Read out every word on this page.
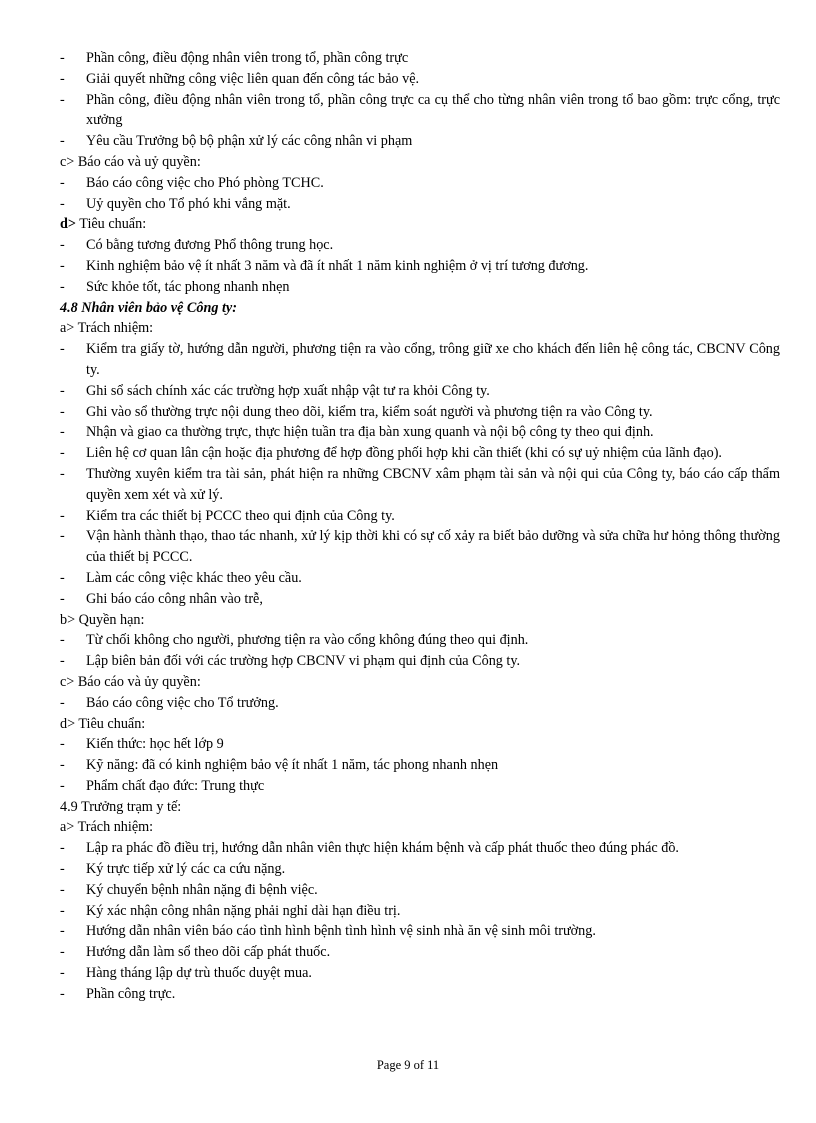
-	Phần công, điều động nhân viên trong tổ, phần công trực
-	Giải quyết những công việc liên quan đến công tác bảo vệ.
-	Phần công, điều động nhân viên trong tổ, phần công trực ca cụ thể cho từng nhân viên trong tổ bao gồm: trực cổng, trực xưởng
-	Yêu cầu Trưởng bộ bộ phận xử lý các công nhân vi phạm
c> Báo cáo và uỷ quyền:
-	Báo cáo công việc cho Phó phòng TCHC.
-	Uỷ quyền cho Tổ phó khi vắng mặt.
d> Tiêu chuẩn:
-	Có bằng tương đương Phổ thông trung học.
-	Kinh nghiệm bảo vệ ít nhất 3 năm và đã ít nhất 1 năm kinh nghiệm ở vị trí tương đương.
-	Sức khỏe tốt, tác phong nhanh nhẹn
4.8 Nhân viên bảo vệ Công ty:
a> Trách nhiệm:
-	Kiểm tra giấy tờ, hướng dẫn người, phương tiện ra vào cổng, trông giữ xe cho khách đến liên hệ công tác, CBCNV Công ty.
-	Ghi sổ sách chính xác các trường hợp xuất nhập vật tư ra khỏi Công ty.
-	Ghi vào sổ thường trực nội dung theo dõi, kiểm tra, kiểm soát người và phương tiện ra vào Công ty.
-	Nhận và giao ca thường trực, thực hiện tuần tra địa bàn xung quanh và nội bộ công ty theo qui định.
-	Liên hệ cơ quan lân cận hoặc địa phương để hợp đồng phối hợp khi cần thiết (khi có sự uỷ nhiệm của lãnh đạo).
-	Thường xuyên kiểm tra tài sản, phát hiện ra những CBCNV xâm phạm tài sản và nội qui của Công ty, báo cáo cấp thẩm quyền xem xét và xử lý.
-	Kiểm tra các thiết bị PCCC theo qui định của Công ty.
-	Vận hành thành thạo, thao tác nhanh, xử lý kịp thời khi có sự cố xảy ra biết bảo dưỡng và sửa chữa hư hỏng thông thường của thiết bị PCCC.
-	Làm các công việc khác theo yêu cầu.
-	Ghi báo cáo công nhân vào trễ,
b> Quyền hạn:
-	Từ chối không cho người, phương tiện ra vào cổng không đúng theo qui định.
-	Lập biên bản đối với các trường hợp CBCNV vi phạm qui định của Công ty.
c> Báo cáo và ủy quyền:
-	Báo cáo công việc cho Tổ trưởng.
d> Tiêu chuẩn:
-	Kiến thức: học hết lớp 9
-	Kỹ năng: đã có kinh nghiệm bảo vệ ít nhất 1 năm, tác phong nhanh nhẹn
-	Phẩm chất đạo đức: Trung thực
4.9 Trưởng trạm y tế:
a> Trách nhiệm:
-	Lập ra phác đồ điều trị, hướng dẫn nhân viên thực hiện khám bệnh và cấp phát thuốc theo đúng phác đồ.
-	Ký trực tiếp xử lý các ca cứu nặng.
-	Ký chuyển bệnh nhân nặng đi bệnh việc.
-	Ký xác nhận công nhân nặng phải nghỉ dài hạn điều trị.
-	Hướng dẫn nhân viên báo cáo tình hình bệnh tình hình vệ sinh nhà ăn vệ sinh môi trường.
-	Hướng dẫn làm sổ theo dõi cấp phát thuốc.
-	Hàng tháng lập dự trù thuốc duyệt mua.
-	Phần công trực.
Page 9 of 11
